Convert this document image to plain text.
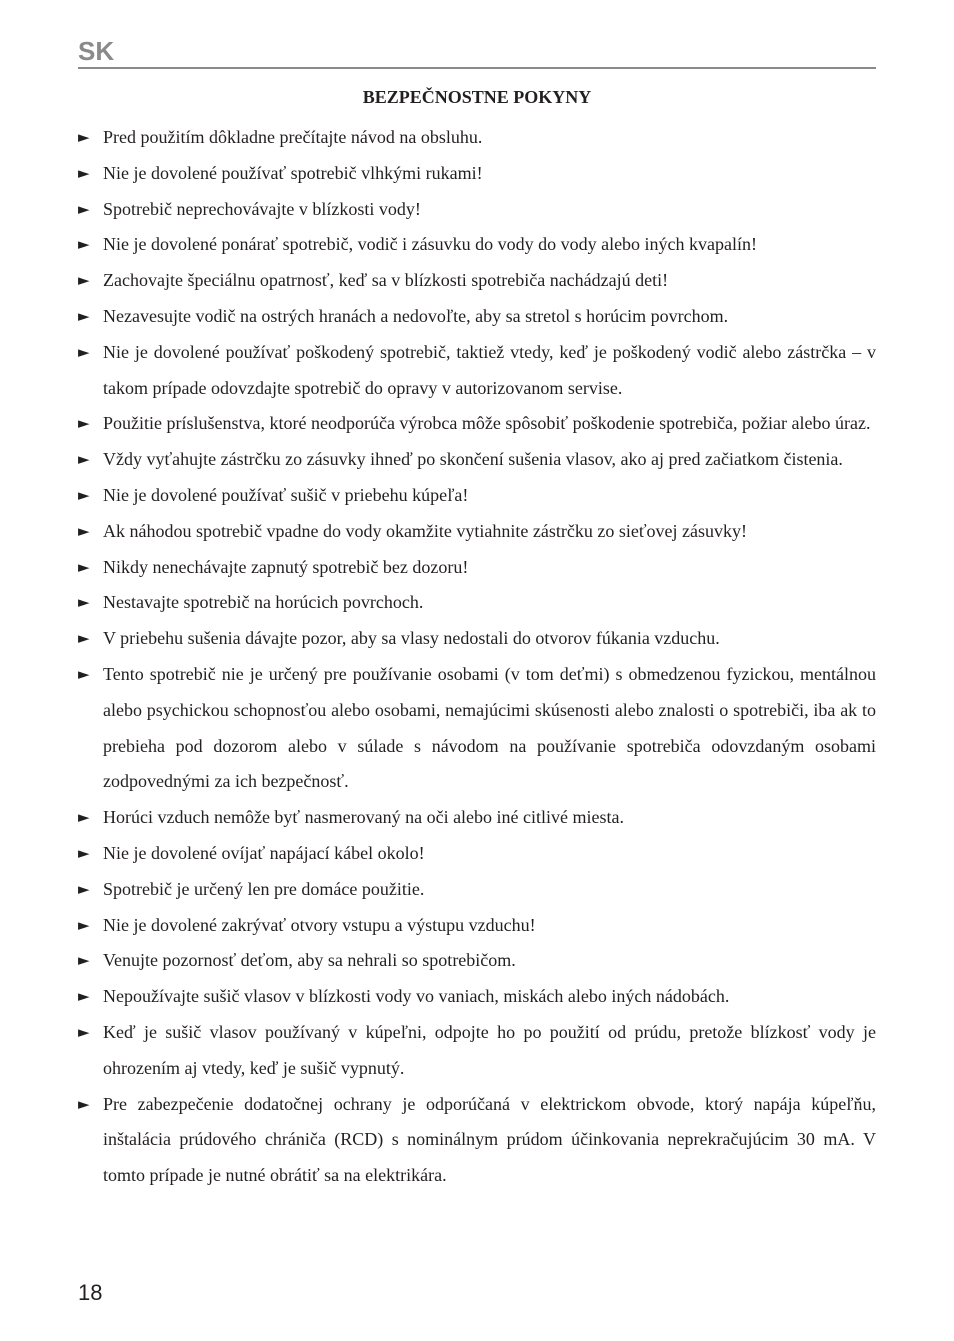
SK
BEZPEČNOSTNE POKYNY
► Pred použitím dôkladne prečítajte návod na obsluhu.
► Nie je dovolené používať spotrebič vlhkými rukami!
► Spotrebič neprechovávajte v blízkosti vody!
► Nie je dovolené ponárať spotrebič, vodič i zásuvku do vody do vody alebo iných kvapalín!
► Zachovajte špeciálnu opatrnosť, keď sa v blízkosti spotrebiča nachádzajú deti!
► Nezavesujte vodič na ostrých hranách a nedovoľte, aby sa stretol s horúcim povrchom.
► Nie je dovolené používať poškodený spotrebič, taktiež vtedy, keď je poškodený vodič alebo zástrčka – v takom prípade odovzdajte spotrebič do opravy v autorizovanom servise.
► Použitie príslušenstva, ktoré neodporúča výrobca môže spôsobiť poškodenie spotrebiča, požiar alebo úraz.
► Vždy vyťahujte zástrčku zo zásuvky ihneď po skončení sušenia vlasov, ako aj pred začiatkom čistenia.
► Nie je dovolené používať sušič v priebehu kúpeľa!
► Ak náhodou spotrebič vpadne do vody okamžite vytiahnite zástrčku zo sieťovej zásuvky!
► Nikdy nenechávajte zapnutý spotrebič bez dozoru!
► Nestavajte spotrebič na horúcich povrchoch.
► V priebehu sušenia dávajte pozor, aby sa vlasy nedostali do otvorov fúkania vzduchu.
► Tento spotrebič nie je určený pre používanie osobami (v tom deťmi) s obmedzenou fyzickou, mentálnou alebo psychickou schopnosťou alebo osobami, nemajúcimi skúsenosti alebo znalosti o spotrebiči, iba ak to prebieha pod dozorom alebo v súlade s návodom na používanie spotrebiča odovzdaným osobami zodpovednými za ich bezpečnosť.
► Horúci vzduch nemôže byť nasmerovaný na oči alebo iné citlivé miesta.
► Nie je dovolené ovíjať napájací kábel okolo!
► Spotrebič je určený len pre domáce použitie.
► Nie je dovolené zakrývať otvory vstupu a výstupu vzduchu!
► Venujte pozornosť deťom, aby sa nehrali so spotrebičom.
► Nepoužívajte sušič vlasov v blízkosti vody vo vaniach, miskách alebo iných nádobách.
► Keď je sušič vlasov používaný v kúpeľni, odpojte ho po použití od prúdu, pretože blízkosť vody je ohrozením aj vtedy, keď je sušič vypnutý.
► Pre zabezpečenie dodatočnej ochrany je odporúčaná v elektrickom obvode, ktorý napája kúpeľňu, inštalácia prúdového chrániča (RCD) s nominálnym prúdom účinkovania neprekračujúcim 30 mA. V tomto prípade je nutné obrátiť sa na elektrikára.
18
